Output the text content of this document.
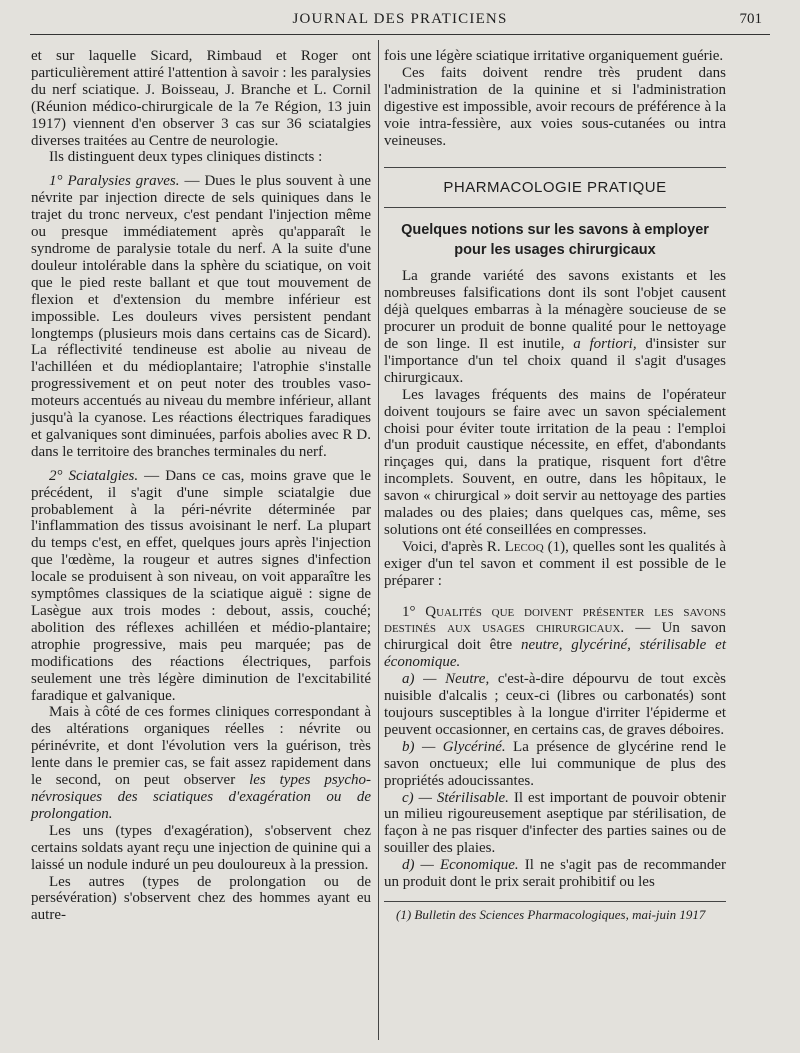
JOURNAL DES PRATICIENS	701

et sur laquelle Sicard, Rimbaud et Roger ont particulièrement attiré l'attention à savoir : les paralysies du nerf sciatique. J. Boisseau, J. Branche et L. Cornil (Réunion médico-chirurgicale de la 7e Région, 13 juin 1917) viennent d'en observer 3 cas sur 36 sciatalgies diverses traitées au Centre de neurologie.

Ils distinguent deux types cliniques distincts :

1° Paralysies graves. — Dues le plus souvent à une névrite par injection directe de sels quiniques dans le trajet du tronc nerveux, c'est pendant l'injection même ou presque immédiatement après qu'apparaît le syndrome de paralysie totale du nerf. A la suite d'une douleur intolérable dans la sphère du sciatique, on voit que le pied reste ballant et que tout mouvement de flexion et d'extension du membre inférieur est impossible. Les douleurs vives persistent pendant longtemps (plusieurs mois dans certains cas de Sicard). La réflectivité tendineuse est abolie au niveau de l'achilléen et du médioplantaire; l'atrophie s'installe progressivement et on peut noter des troubles vaso-moteurs accentués au niveau du membre inférieur, allant jusqu'à la cyanose. Les réactions électriques faradiques et galvaniques sont diminuées, parfois abolies avec R D. dans le territoire des branches terminales du nerf.

2° Sciatalgies. — Dans ce cas, moins grave que le précédent, il s'agit d'une simple sciatalgie due probablement à la péri-névrite déterminée par l'inflammation des tissus avoisinant le nerf. La plupart du temps c'est, en effet, quelques jours après l'injection que l'œdème, la rougeur et autres signes d'infection locale se produisent à son niveau, on voit apparaître les symptômes classiques de la sciatique aiguë : signe de Lasègue aux trois modes : debout, assis, couché; abolition des réflexes achilléen et médio-plantaire; atrophie progressive, mais peu marquée; pas de modifications des réactions électriques, parfois seulement une très légère diminution de l'excitabilité faradique et galvanique.

Mais à côté de ces formes cliniques correspondant à des altérations organiques réelles : névrite ou périnévrite, et dont l'évolution vers la guérison, très lente dans le premier cas, se fait assez rapidement dans le second, on peut observer les types psycho-névrosiques des sciatiques d'exagération ou de prolongation.

Les uns (types d'exagération), s'observent chez certains soldats ayant reçu une injection de quinine qui a laissé un nodule induré un peu douloureux à la pression.

Les autres (types de prolongation ou de persévération) s'observent chez des hommes ayant eu autre-

fois une légère sciatique irritative organiquement guérie.

Ces faits doivent rendre très prudent dans l'administration de la quinine et si l'administration digestive est impossible, avoir recours de préférence à la voie intra-fessière, aux voies sous-cutanées ou intra veineuses.

PHARMACOLOGIE PRATIQUE
Quelques notions sur les savons à employer pour les usages chirurgicaux

La grande variété des savons existants et les nombreuses falsifications dont ils sont l'objet causent déjà quelques embarras à la ménagère soucieuse de se procurer un produit de bonne qualité pour le nettoyage de son linge. Il est inutile, a fortiori, d'insister sur l'importance d'un tel choix quand il s'agit d'usages chirurgicaux.

Les lavages fréquents des mains de l'opérateur doivent toujours se faire avec un savon spécialement choisi pour éviter toute irritation de la peau : l'emploi d'un produit caustique nécessite, en effet, d'abondants rinçages qui, dans la pratique, risquent fort d'être incomplets. Souvent, en outre, dans les hôpitaux, le savon « chirurgical » doit servir au nettoyage des parties malades ou des plaies; dans quelques cas, même, ses solutions ont été conseillées en compresses.

Voici, d'après R. Lecoq (1), quelles sont les qualités à exiger d'un tel savon et comment il est possible de le préparer :

1° Qualités que doivent présenter les savons destinés aux usages chirurgicaux. — Un savon chirurgical doit être neutre, glycériné, stérilisable et économique.

a) — Neutre, c'est-à-dire dépourvu de tout excès nuisible d'alcalis ; ceux-ci (libres ou carbonatés) sont toujours susceptibles à la longue d'irriter l'épiderme et peuvent occasionner, en certains cas, de graves déboires.

b) — Glycériné. La présence de glycérine rend le savon onctueux; elle lui communique de plus des propriétés adoucissantes.

c) — Stérilisable. Il est important de pouvoir obtenir un milieu rigoureusement aseptique par stérilisation, de façon à ne pas risquer d'infecter des parties saines ou de souiller des plaies.

d) — Economique. Il ne s'agit pas de recommander un produit dont le prix serait prohibitif ou les

(1) Bulletin des Sciences Pharmacologiques, mai-juin 1917
